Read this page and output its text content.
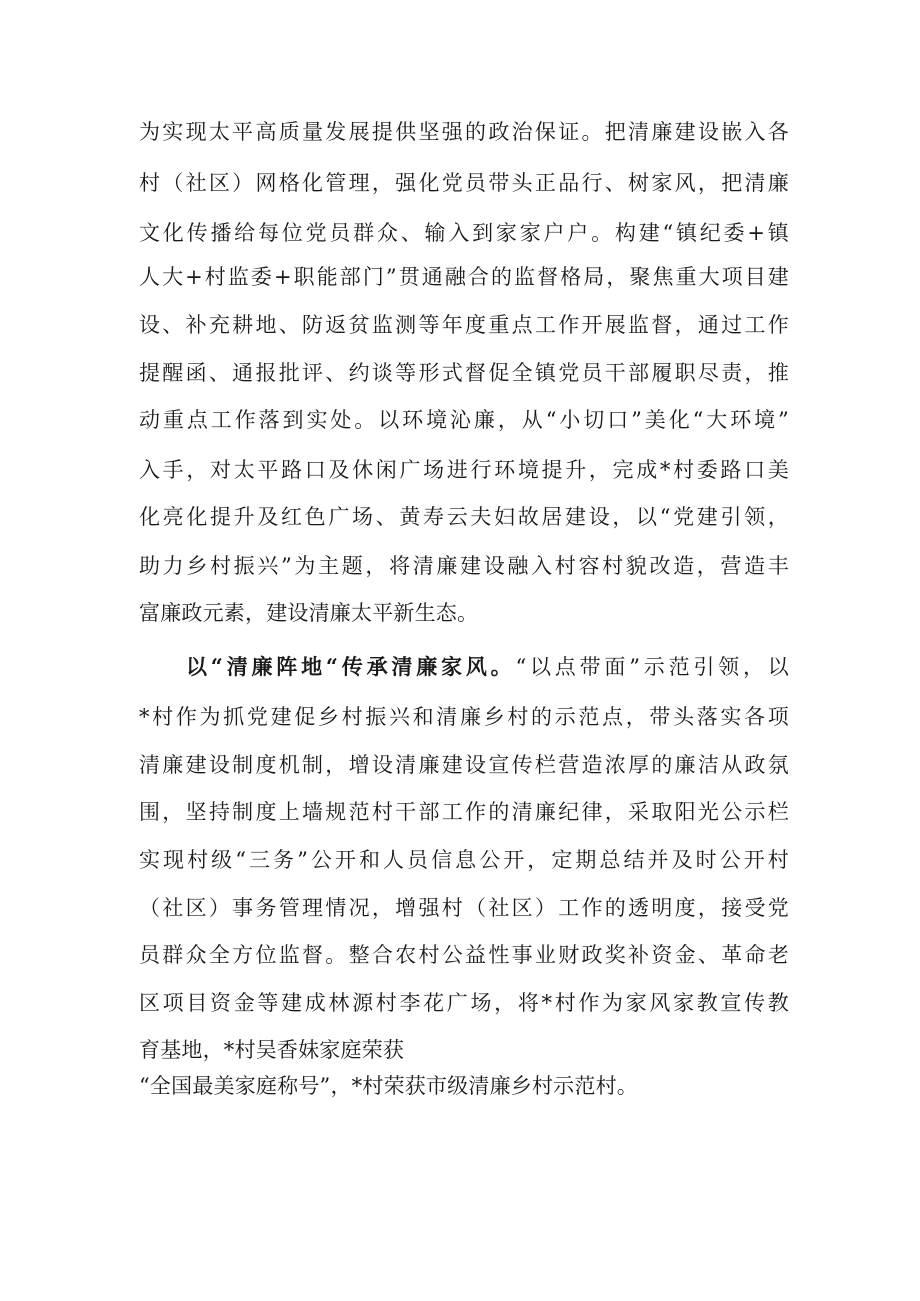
为实现太平高质量发展提供坚强的政治保证。把清廉建设嵌入各
村（社区）网格化管理，强化党员带头正品行、树家风，把清廉
文化传播给每位党员群众、输入到家家户户。构建“镇纪委+镇
人大+村监委+职能部门”贯通融合的监督格局，聚焦重大项目建
设、补充耕地、防返贫监测等年度重点工作开展监督，通过工作
提醒函、通报批评、约谈等形式督促全镇党员干部履职尽责，推
动重点工作落到实处。以环境沁廉，从“小切口”美化“大环境”
入手，对太平路口及休闲广场进行环境提升，完成*村委路口美
化亮化提升及红色广场、黄寿云夫妇故居建设，以“党建引领，
助力乡村振兴”为主题，将清廉建设融入村容村貌改造，营造丰
富廉政元素，建设清廉太平新生态。
以“清廉阵地“传承清廉家风。“以点带面”示范引领，以
*村作为抓党建促乡村振兴和清廉乡村的示范点，带头落实各项
清廉建设制度机制，增设清廉建设宣传栏营造浓厚的廉洁从政氛
围，坚持制度上墙规范村干部工作的清廉纪律，采取阳光公示栏
实现村级“三务”公开和人员信息公开，定期总结并及时公开村
（社区）事务管理情况，增强村（社区）工作的透明度，接受党
员群众全方位监督。整合农村公益性事业财政奖补资金、革命老
区项目资金等建成林源村李花广场，将*村作为家风家教宣传教
育基地，*村吴香妹家庭荣获
“全国最美家庭称号”，*村荣获市级清廉乡村示范村。
